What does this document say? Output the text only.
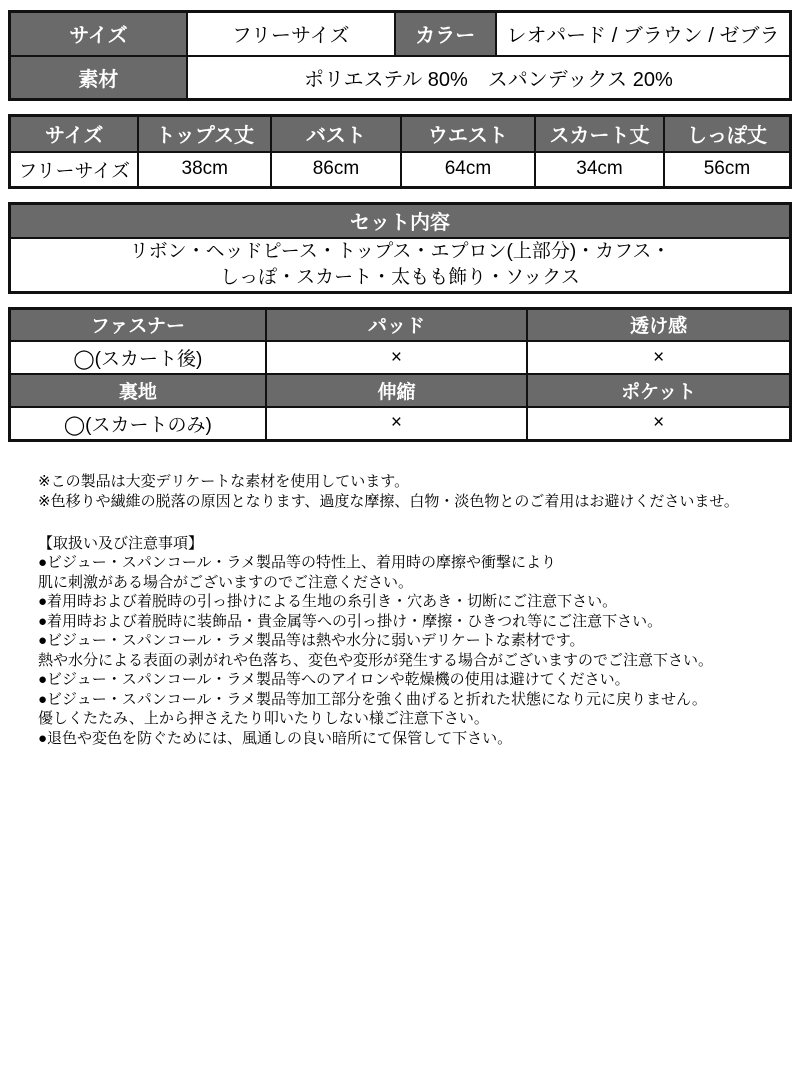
サイズ	フリーサイズ	カラー	レオパード / ブラウン / ゼブラ
素材	ポリエステル 80%　スパンデックス 20%		
サイズ	トップス丈	バスト	ウエスト	スカート丈	しっぽ丈
フリーサイズ	38cm	86cm	64cm	34cm	56cm
セット内容

リボン・ヘッドピース・トップス・エプロン(上部分)・カフス・
しっぽ・スカート・太もも飾り・ソックス
ファスナー	パッド	透け感
◯(スカート後)	×	×
裏地	伸縮	ポケット
◯(スカートのみ)	×	×
※この製品は大変デリケートな素材を使用しています。
※色移りや繊維の脱落の原因となります、過度な摩擦、白物・淡色物とのご着用はお避けくださいませ。
【取扱い及び注意事項】
●ビジュー・スパンコール・ラメ製品等の特性上、着用時の摩擦や衝撃により
肌に刺激がある場合がございますのでご注意ください。
●着用時および着脱時の引っ掛けによる生地の糸引き・穴あき・切断にご注意下さい。
●着用時および着脱時に装飾品・貴金属等への引っ掛け・摩擦・ひきつれ等にご注意下さい。
●ビジュー・スパンコール・ラメ製品等は熱や水分に弱いデリケートな素材です。
熱や水分による表面の剥がれや色落ち、変色や変形が発生する場合がございますのでご注意下さい。
●ビジュー・スパンコール・ラメ製品等へのアイロンや乾燥機の使用は避けてください。
●ビジュー・スパンコール・ラメ製品等加工部分を強く曲げると折れた状態になり元に戻りません。
優しくたたみ、上から押さえたり叩いたりしない様ご注意下さい。
●退色や変色を防ぐためには、風通しの良い暗所にて保管して下さい。
